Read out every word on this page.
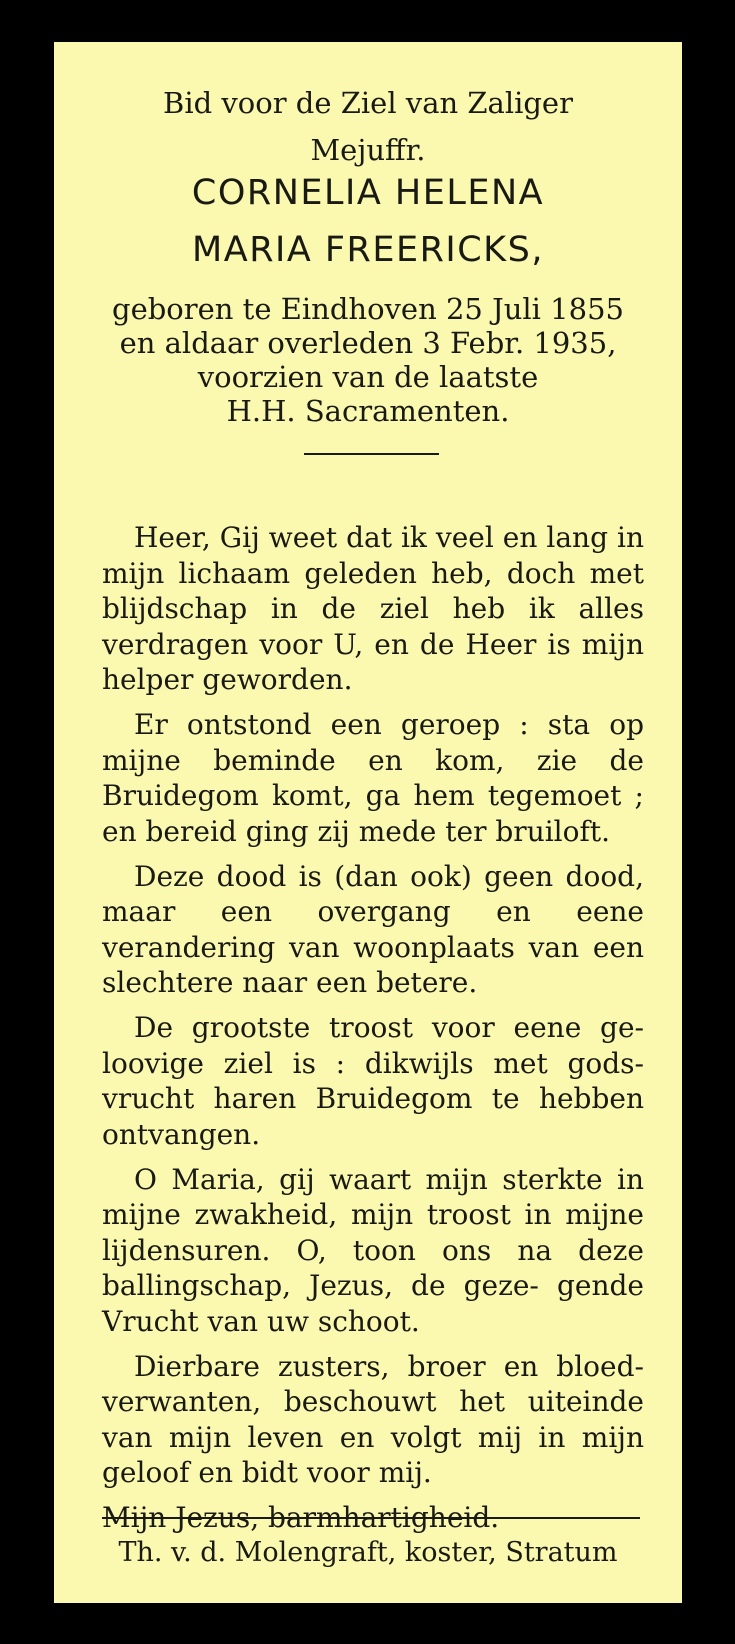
Bid voor de Ziel van Zaliger
Mejuffr.
CORNELIA HELENA
MARIA FREERICKS,
geboren te Eindhoven 25 Juli 1855
en aldaar overleden 3 Febr. 1935,
voorzien van de laatste
H.H. Sacramenten.

Heer, Gij weet dat ik veel en lang in mijn lichaam geleden heb, doch met blijdschap in de ziel heb ik alles verdragen voor U, en de Heer is mijn helper geworden.

Er ontstond een geroep : sta op mijne beminde en kom, zie de Bruidegom komt, ga hem tegemoet ; en bereid ging zij mede ter bruiloft.

Deze dood is (dan ook) geen dood, maar een overgang en eene verandering van woonplaats van een slechtere naar een betere.

De grootste troost voor eene ge- loovige ziel is : dikwijls met gods- vrucht haren Bruidegom te hebben ontvangen.

O Maria, gij waart mijn sterkte in mijne zwakheid, mijn troost in mijne lijdensuren. O, toon ons na deze ballingschap, Jezus, de geze- gende Vrucht van uw schoot.

Dierbare zusters, broer en bloed- verwanten, beschouwt het uiteinde van mijn leven en volgt mij in mijn geloof en bidt voor mij.

Mijn Jezus, barmhartigheid.

Th. v. d. Molengraft, koster, Stratum
